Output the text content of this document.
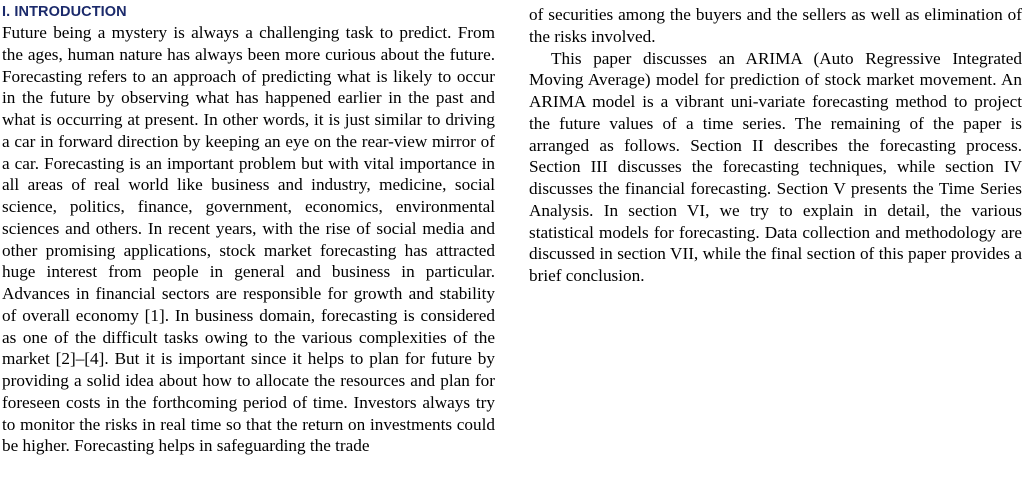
I. INTRODUCTION

Future being a mystery is always a challenging task to predict. From the ages, human nature has always been more curious about the future. Forecasting refers to an approach of predicting what is likely to occur in the future by observing what has happened earlier in the past and what is occurring at present. In other words, it is just similar to driving a car in forward direction by keeping an eye on the rear-view mirror of a car. Forecasting is an important problem but with vital importance in all areas of real world like business and industry, medicine, social science, politics, finance, government, economics, environmental sciences and others. In recent years, with the rise of social media and other promising applications, stock market forecasting has attracted huge interest from people in general and business in particular. Advances in financial sectors are responsible for growth and stability of overall economy [1]. In business domain, forecasting is considered as one of the difficult tasks owing to the various complexities of the market [2]–[4]. But it is important since it helps to plan for future by providing a solid idea about how to allocate the resources and plan for foreseen costs in the forthcoming period of time. Investors always try to monitor the risks in real time so that the return on investments could be higher. Forecasting helps in safeguarding the trade

of securities among the buyers and the sellers as well as elimination of the risks involved.

This paper discusses an ARIMA (Auto Regressive Integrated Moving Average) model for prediction of stock market movement. An ARIMA model is a vibrant uni-variate forecasting method to project the future values of a time series. The remaining of the paper is arranged as follows. Section II describes the forecasting process. Section III discusses the forecasting techniques, while section IV discusses the financial forecasting. Section V presents the Time Series Analysis. In section VI, we try to explain in detail, the various statistical models for forecasting. Data collection and methodology are discussed in section VII, while the final section of this paper provides a brief conclusion.
